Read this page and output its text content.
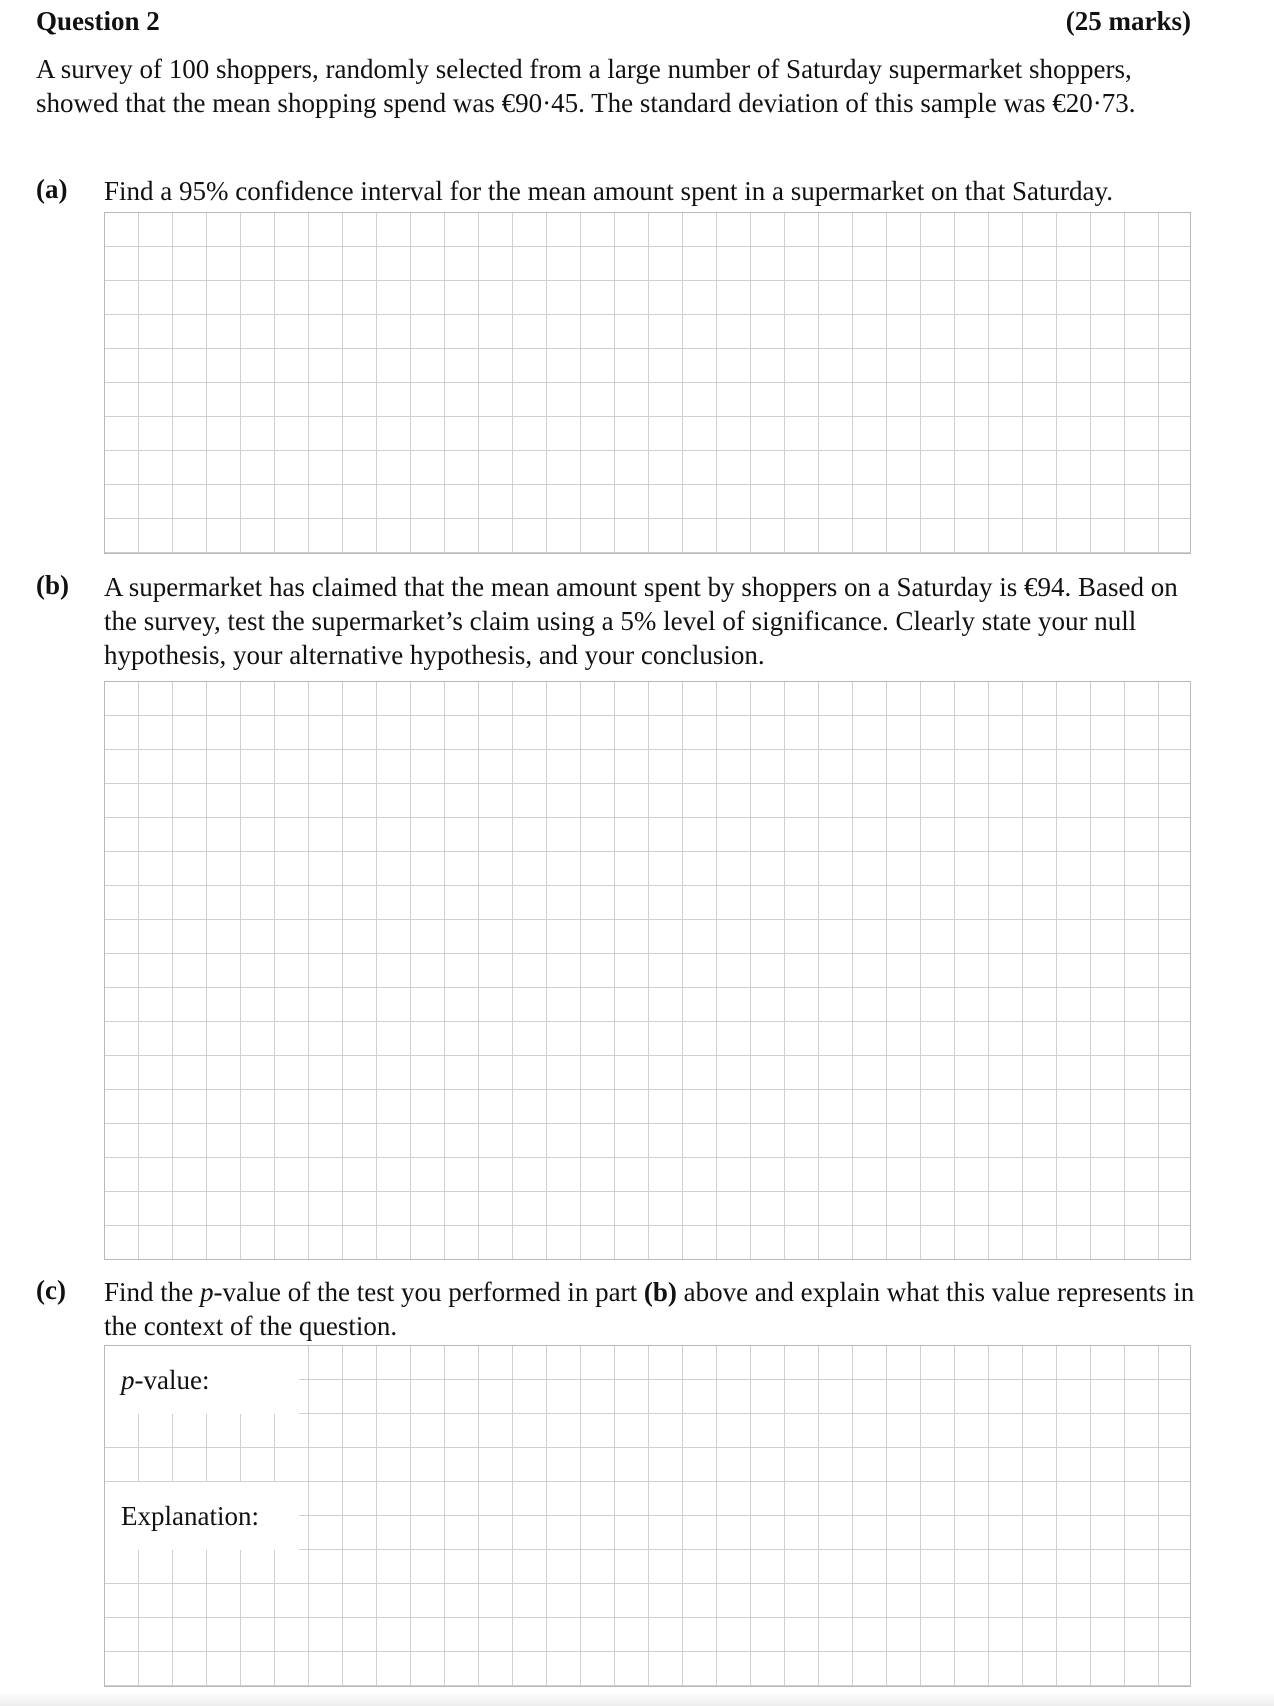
Question 2	(25 marks)
A survey of 100 shoppers, randomly selected from a large number of Saturday supermarket shoppers, showed that the mean shopping spend was €90·45. The standard deviation of this sample was €20·73.
(a) Find a 95% confidence interval for the mean amount spent in a supermarket on that Saturday.
(b) A supermarket has claimed that the mean amount spent by shoppers on a Saturday is €94. Based on the survey, test the supermarket’s claim using a 5% level of significance. Clearly state your null hypothesis, your alternative hypothesis, and your conclusion.
(c) Find the p-value of the test you performed in part (b) above and explain what this value represents in the context of the question.
p -value:
Explanation:
